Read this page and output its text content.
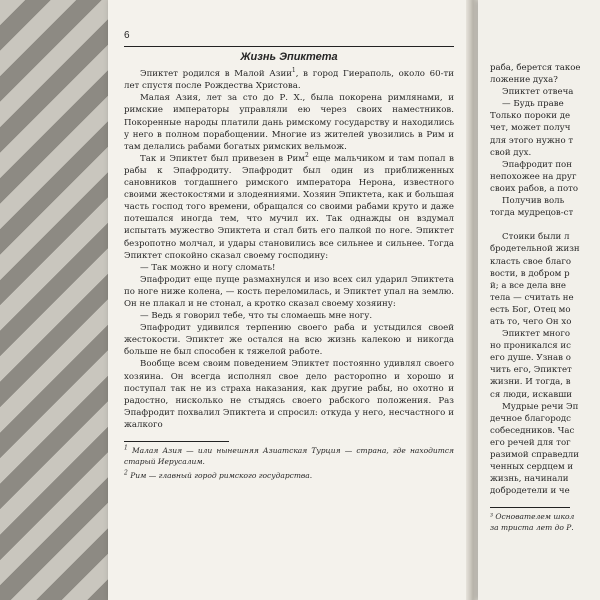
6

Жизнь Эпиктета

Эпиктет родился в Малой Азии$^1$, в город Гиераполь, около 60-ти лет спустя после Рождества Христова.

Малая Азия, лет за сто до Р. Х., была покорена римлянами, и римские императоры управляли ею через своих наместников. Покоренные народы платили дань римскому государству и находились у него в полном порабощении. Многие из жителей увозились в Рим и там делались рабами богатых римских вельмож.

Так и Эпиктет был привезен в Рим$^2$ еще мальчиком и там попал в рабы к Эпафродиту. Эпафродит был один из приближенных сановников тогдашнего римского императора Нерона, известного своими жестокостями и злодеяниями. Хозяин Эпиктета, как и большая часть господ того времени, обращался со своими рабами круто и даже потешался иногда тем, что мучил их. Так однажды он вздумал испытать мужество Эпиктета и стал бить его палкой по ноге. Эпиктет безропотно молчал, и удары становились все сильнее и сильнее. Тогда Эпиктет спокойно сказал своему господину:

— Так можно и ногу сломать!

Эпафродит еще пуще размахнулся и изо всех сил ударил Эпиктета по ноге ниже колена, — кость переломилась, и Эпиктет упал на землю. Он не плакал и не стонал, а кротко сказал своему хозяину:

— Ведь я говорил тебе, что ты сломаешь мне ногу.

Эпафродит удивился терпению своего раба и устыдился своей жестокости. Эпиктет же остался на всю жизнь калекою и никогда больше не был способен к тяжелой работе.

Вообще всем своим поведением Эпиктет постоянно удивлял своего хозяина. Он всегда исполнял свое дело расторопно и хорошо и поступал так не из страха наказания, как другие рабы, но охотно и радостно, нисколько не стыдясь своего рабского положения. Раз Эпафродит похвалил Эпиктета и спросил: откуда у него, несчастного и жалкого

$^1$ Малая Азия — или нынешняя Азиатская Турция — страна, где находится старый Иерусалим.

$^2$ Рим — главный город римского государства.

раба, берется такое

ложение духа?

Эпиктет отвеча

— Будь праве

Только пороки де

чет, может получ

для этого нужно т

свой дух.

Эпафродит пон

непохожее на друг

своих рабов, а пото

Получив воль

тогда мудрецов-ст

Стоики были л

бродетельной жизн

класть свое благо

вости, в добром р

й; а все дела вне

тела — считать не

есть Бог, Отец мо

ать то, чего Он хо

Эпиктет много

но проникался ис

его душе. Узнав о

чить его, Эпиктет

жизни. И тогда, в

ся люди, искавши

Мудрые речи Эп

дечное благородс

собеседников. Час

его речей для тог

разимой справедли

ченных сердцем и

жизнь, начинали

добродетели и че

³ Основателем школ

за триста лет до Р.
